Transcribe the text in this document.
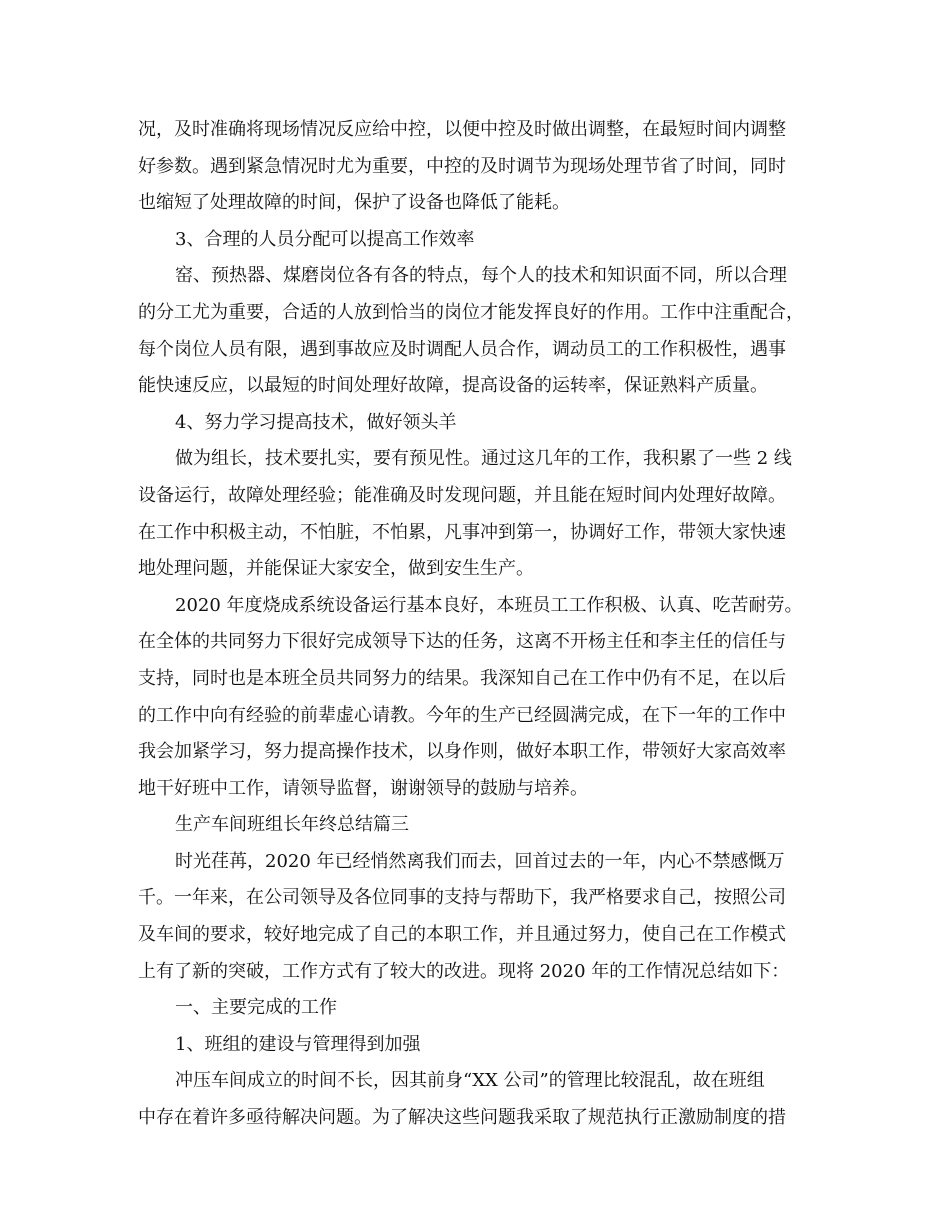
况，及时准确将现场情况反应给中控，以便中控及时做出调整，在最短时间内调整
好参数。遇到紧急情况时尤为重要，中控的及时调节为现场处理节省了时间，同时
也缩短了处理故障的时间，保护了设备也降低了能耗。
3、合理的人员分配可以提高工作效率
窑、预热器、煤磨岗位各有各的特点，每个人的技术和知识面不同，所以合理
的分工尤为重要，合适的人放到恰当的岗位才能发挥良好的作用。工作中注重配合，
每个岗位人员有限，遇到事故应及时调配人员合作，调动员工的工作积极性，遇事
能快速反应，以最短的时间处理好故障，提高设备的运转率，保证熟料产质量。
4、努力学习提高技术，做好领头羊
做为组长，技术要扎实，要有预见性。通过这几年的工作，我积累了一些 2 线
设备运行，故障处理经验；能准确及时发现问题，并且能在短时间内处理好故障。
在工作中积极主动，不怕脏，不怕累，凡事冲到第一，协调好工作，带领大家快速
地处理问题，并能保证大家安全，做到安生生产。
2020 年度烧成系统设备运行基本良好，本班员工工作积极、认真、吃苦耐劳。
在全体的共同努力下很好完成领导下达的任务，这离不开杨主任和李主任的信任与
支持，同时也是本班全员共同努力的结果。我深知自己在工作中仍有不足，在以后
的工作中向有经验的前辈虚心请教。今年的生产已经圆满完成，在下一年的工作中
我会加紧学习，努力提高操作技术，以身作则，做好本职工作，带领好大家高效率
地干好班中工作，请领导监督，谢谢领导的鼓励与培养。
生产车间班组长年终总结篇三
时光荏苒，2020 年已经悄然离我们而去，回首过去的一年，内心不禁感慨万
千。一年来，在公司领导及各位同事的支持与帮助下，我严格要求自己，按照公司
及车间的要求，较好地完成了自己的本职工作，并且通过努力，使自己在工作模式
上有了新的突破，工作方式有了较大的改进。现将 2020 年的工作情况总结如下：
一、主要完成的工作
1、班组的建设与管理得到加强
冲压车间成立的时间不长，因其前身“XX 公司”的管理比较混乱，故在班组
中存在着许多亟待解决问题。为了解决这些问题我采取了规范执行正激励制度的措
